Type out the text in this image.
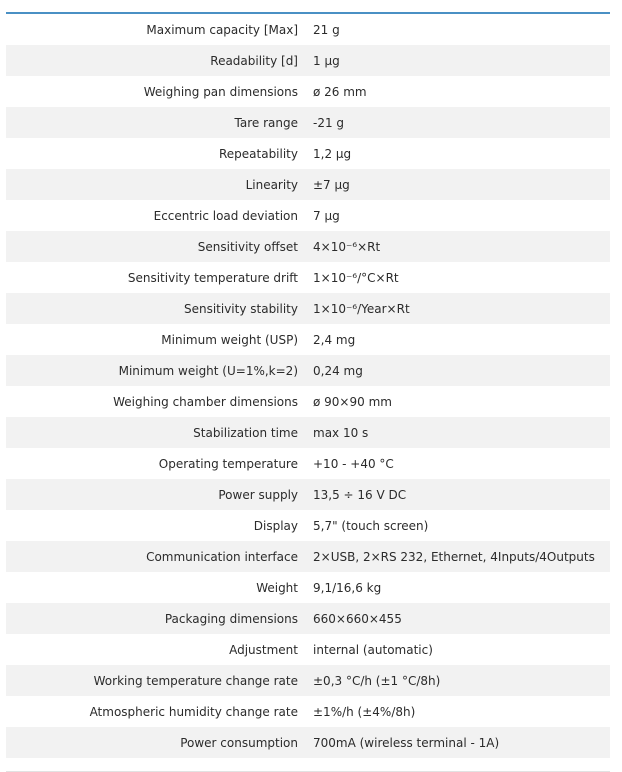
Maximum capacity [Max]	21 g
Readability [d]	1 µg
Weighing pan dimensions	ø 26 mm
Tare range	-21 g
Repeatability	1,2 µg
Linearity	±7 µg
Eccentric load deviation	7 µg
Sensitivity offset	4×10⁻⁶×Rt
Sensitivity temperature drift	1×10⁻⁶/°C×Rt
Sensitivity stability	1×10⁻⁶/Year×Rt
Minimum weight (USP)	2,4 mg
Minimum weight (U=1%,k=2)	0,24 mg
Weighing chamber dimensions	ø 90×90 mm
Stabilization time	max 10 s
Operating temperature	+10 - +40 °C
Power supply	13,5 ÷ 16 V DC
Display	5,7" (touch screen)
Communication interface	2×USB, 2×RS 232, Ethernet, 4Inputs/4Outputs
Weight	9,1/16,6 kg
Packaging dimensions	660×660×455
Adjustment	internal (automatic)
Working temperature change rate	±0,3 °C/h (±1 °C/8h)
Atmospheric humidity change rate	±1%/h (±4%/8h)
Power consumption	700mA (wireless terminal - 1A)
